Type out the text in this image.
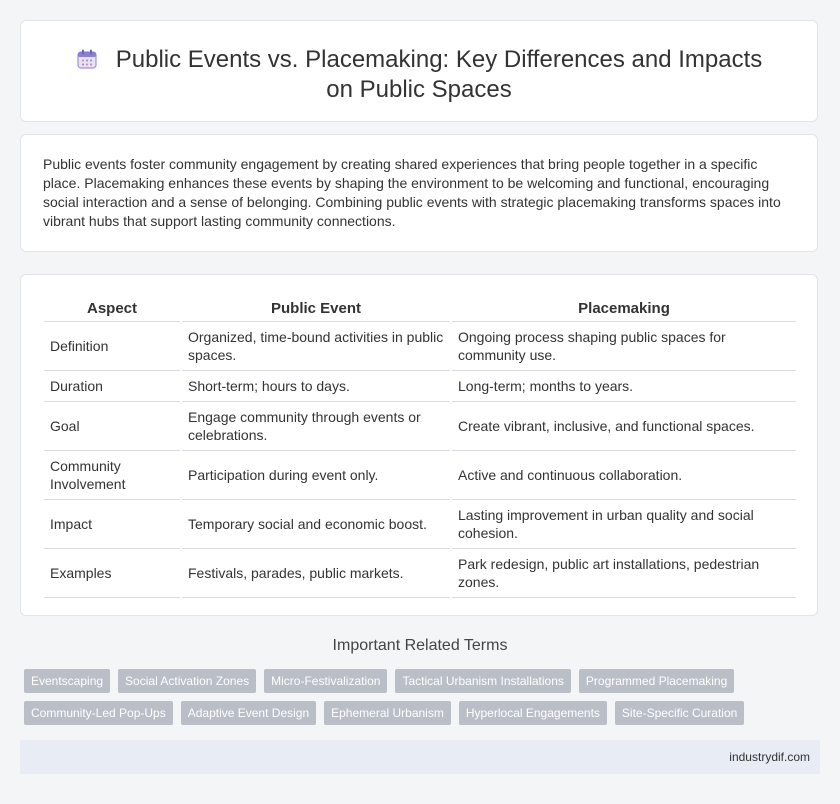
Public Events vs. Placemaking: Key Differences and Impacts on Public Spaces
Public events foster community engagement by creating shared experiences that bring people together in a specific place. Placemaking enhances these events by shaping the environment to be welcoming and functional, encouraging social interaction and a sense of belonging. Combining public events with strategic placemaking transforms spaces into vibrant hubs that support lasting community connections.
Aspect	Public Event	Placemaking
Definition	Organized, time-bound activities in public spaces.	Ongoing process shaping public spaces for community use.
Duration	Short-term; hours to days.	Long-term; months to years.
Goal	Engage community through events or celebrations.	Create vibrant, inclusive, and functional spaces.
Community Involvement	Participation during event only.	Active and continuous collaboration.
Impact	Temporary social and economic boost.	Lasting improvement in urban quality and social cohesion.
Examples	Festivals, parades, public markets.	Park redesign, public art installations, pedestrian zones.
Important Related Terms
Eventscaping	Social Activation Zones	Micro-Festivalization	Tactical Urbanism Installations	Programmed Placemaking
Community-Led Pop-Ups	Adaptive Event Design	Ephemeral Urbanism	Hyperlocal Engagements	Site-Specific Curation
industrydif.com
